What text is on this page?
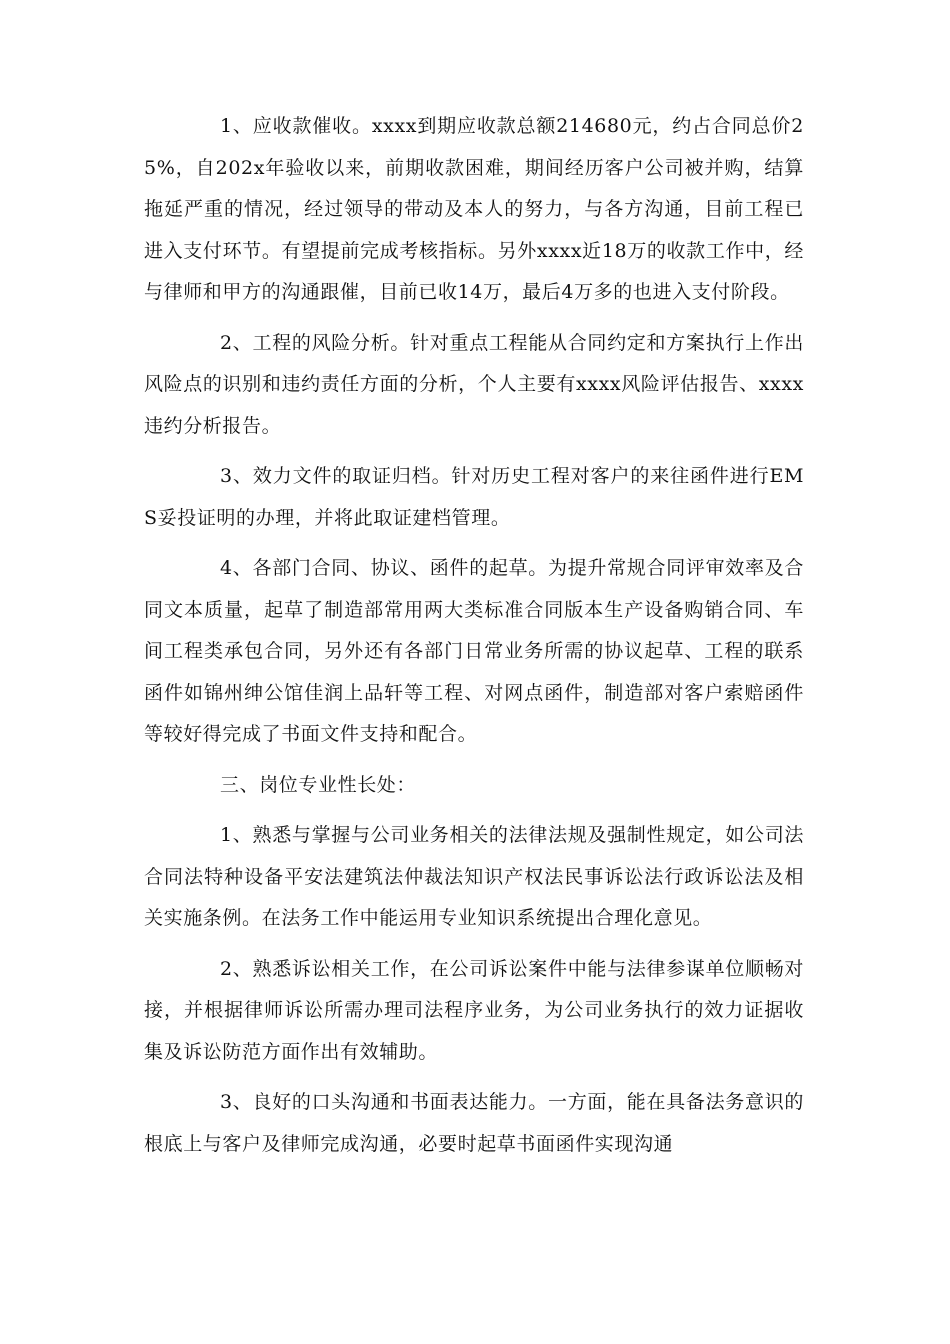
1、应收款催收。xxxx到期应收款总额214680元，约占合同总价25%，自202x年验收以来，前期收款困难，期间经历客户公司被并购，结算拖延严重的情况，经过领导的带动及本人的努力，与各方沟通，目前工程已进入支付环节。有望提前完成考核指标。另外xxxx近18万的收款工作中，经与律师和甲方的沟通跟催，目前已收14万，最后4万多的也进入支付阶段。

2、工程的风险分析。针对重点工程能从合同约定和方案执行上作出风险点的识别和违约责任方面的分析，个人主要有xxxx风险评估报告、xxxx违约分析报告。

3、效力文件的取证归档。针对历史工程对客户的来往函件进行EMS妥投证明的办理，并将此取证建档管理。

4、各部门合同、协议、函件的起草。为提升常规合同评审效率及合同文本质量，起草了制造部常用两大类标准合同版本生产设备购销合同、车间工程类承包合同，另外还有各部门日常业务所需的协议起草、工程的联系函件如锦州绅公馆佳润上品轩等工程、对网点函件，制造部对客户索赔函件等较好得完成了书面文件支持和配合。

三、岗位专业性长处：

1、熟悉与掌握与公司业务相关的法律法规及强制性规定，如公司法合同法特种设备平安法建筑法仲裁法知识产权法民事诉讼法行政诉讼法及相关实施条例。在法务工作中能运用专业知识系统提出合理化意见。

2、熟悉诉讼相关工作，在公司诉讼案件中能与法律参谋单位顺畅对接，并根据律师诉讼所需办理司法程序业务，为公司业务执行的效力证据收集及诉讼防范方面作出有效辅助。

3、良好的口头沟通和书面表达能力。一方面，能在具备法务意识的根底上与客户及律师完成沟通，必要时起草书面函件实现沟通
